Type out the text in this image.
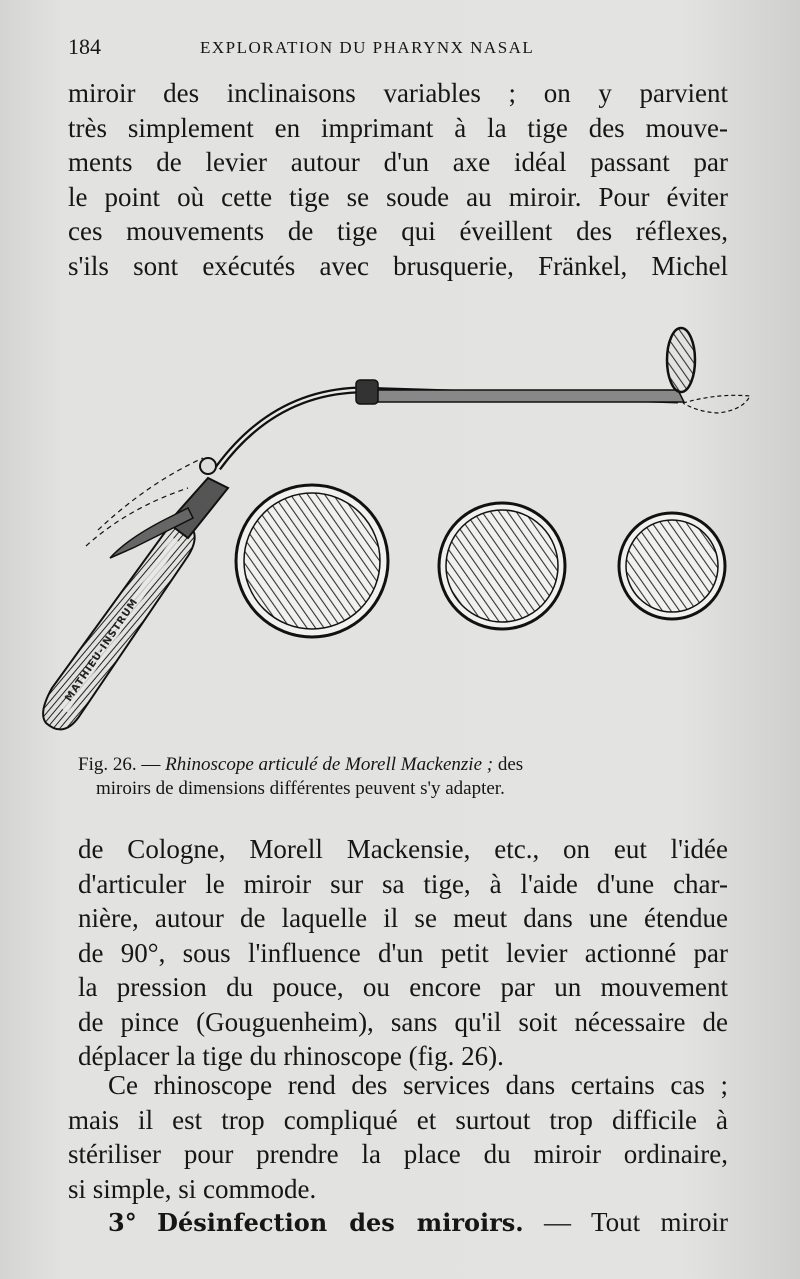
184	EXPLORATION DU PHARYNX NASAL
miroir des inclinaisons variables ; on y parvient
très simplement en imprimant à la tige des mouve-
ments de levier autour d'un axe idéal passant par
le point où cette tige se soude au miroir. Pour éviter
ces mouvements de tige qui éveillent des réflexes,
s'ils sont exécutés avec brusquerie, Fränkel, Michel
MATHIEU-INSTRUM
Fig. 26. — Rhinoscope articulé de Morell Mackenzie ; des
miroirs de dimensions différentes peuvent s'y adapter.
de Cologne, Morell Mackensie, etc., on eut l'idée
d'articuler le miroir sur sa tige, à l'aide d'une char-
nière, autour de laquelle il se meut dans une étendue
de 90°, sous l'influence d'un petit levier actionné par
la pression du pouce, ou encore par un mouvement
de pince (Gouguenheim), sans qu'il soit nécessaire de
déplacer la tige du rhinoscope (fig. 26).
Ce rhinoscope rend des services dans certains cas ;
mais il est trop compliqué et surtout trop difficile à
stériliser pour prendre la place du miroir ordinaire,
si simple, si commode.
3° Désinfection des miroirs. — Tout miroir
